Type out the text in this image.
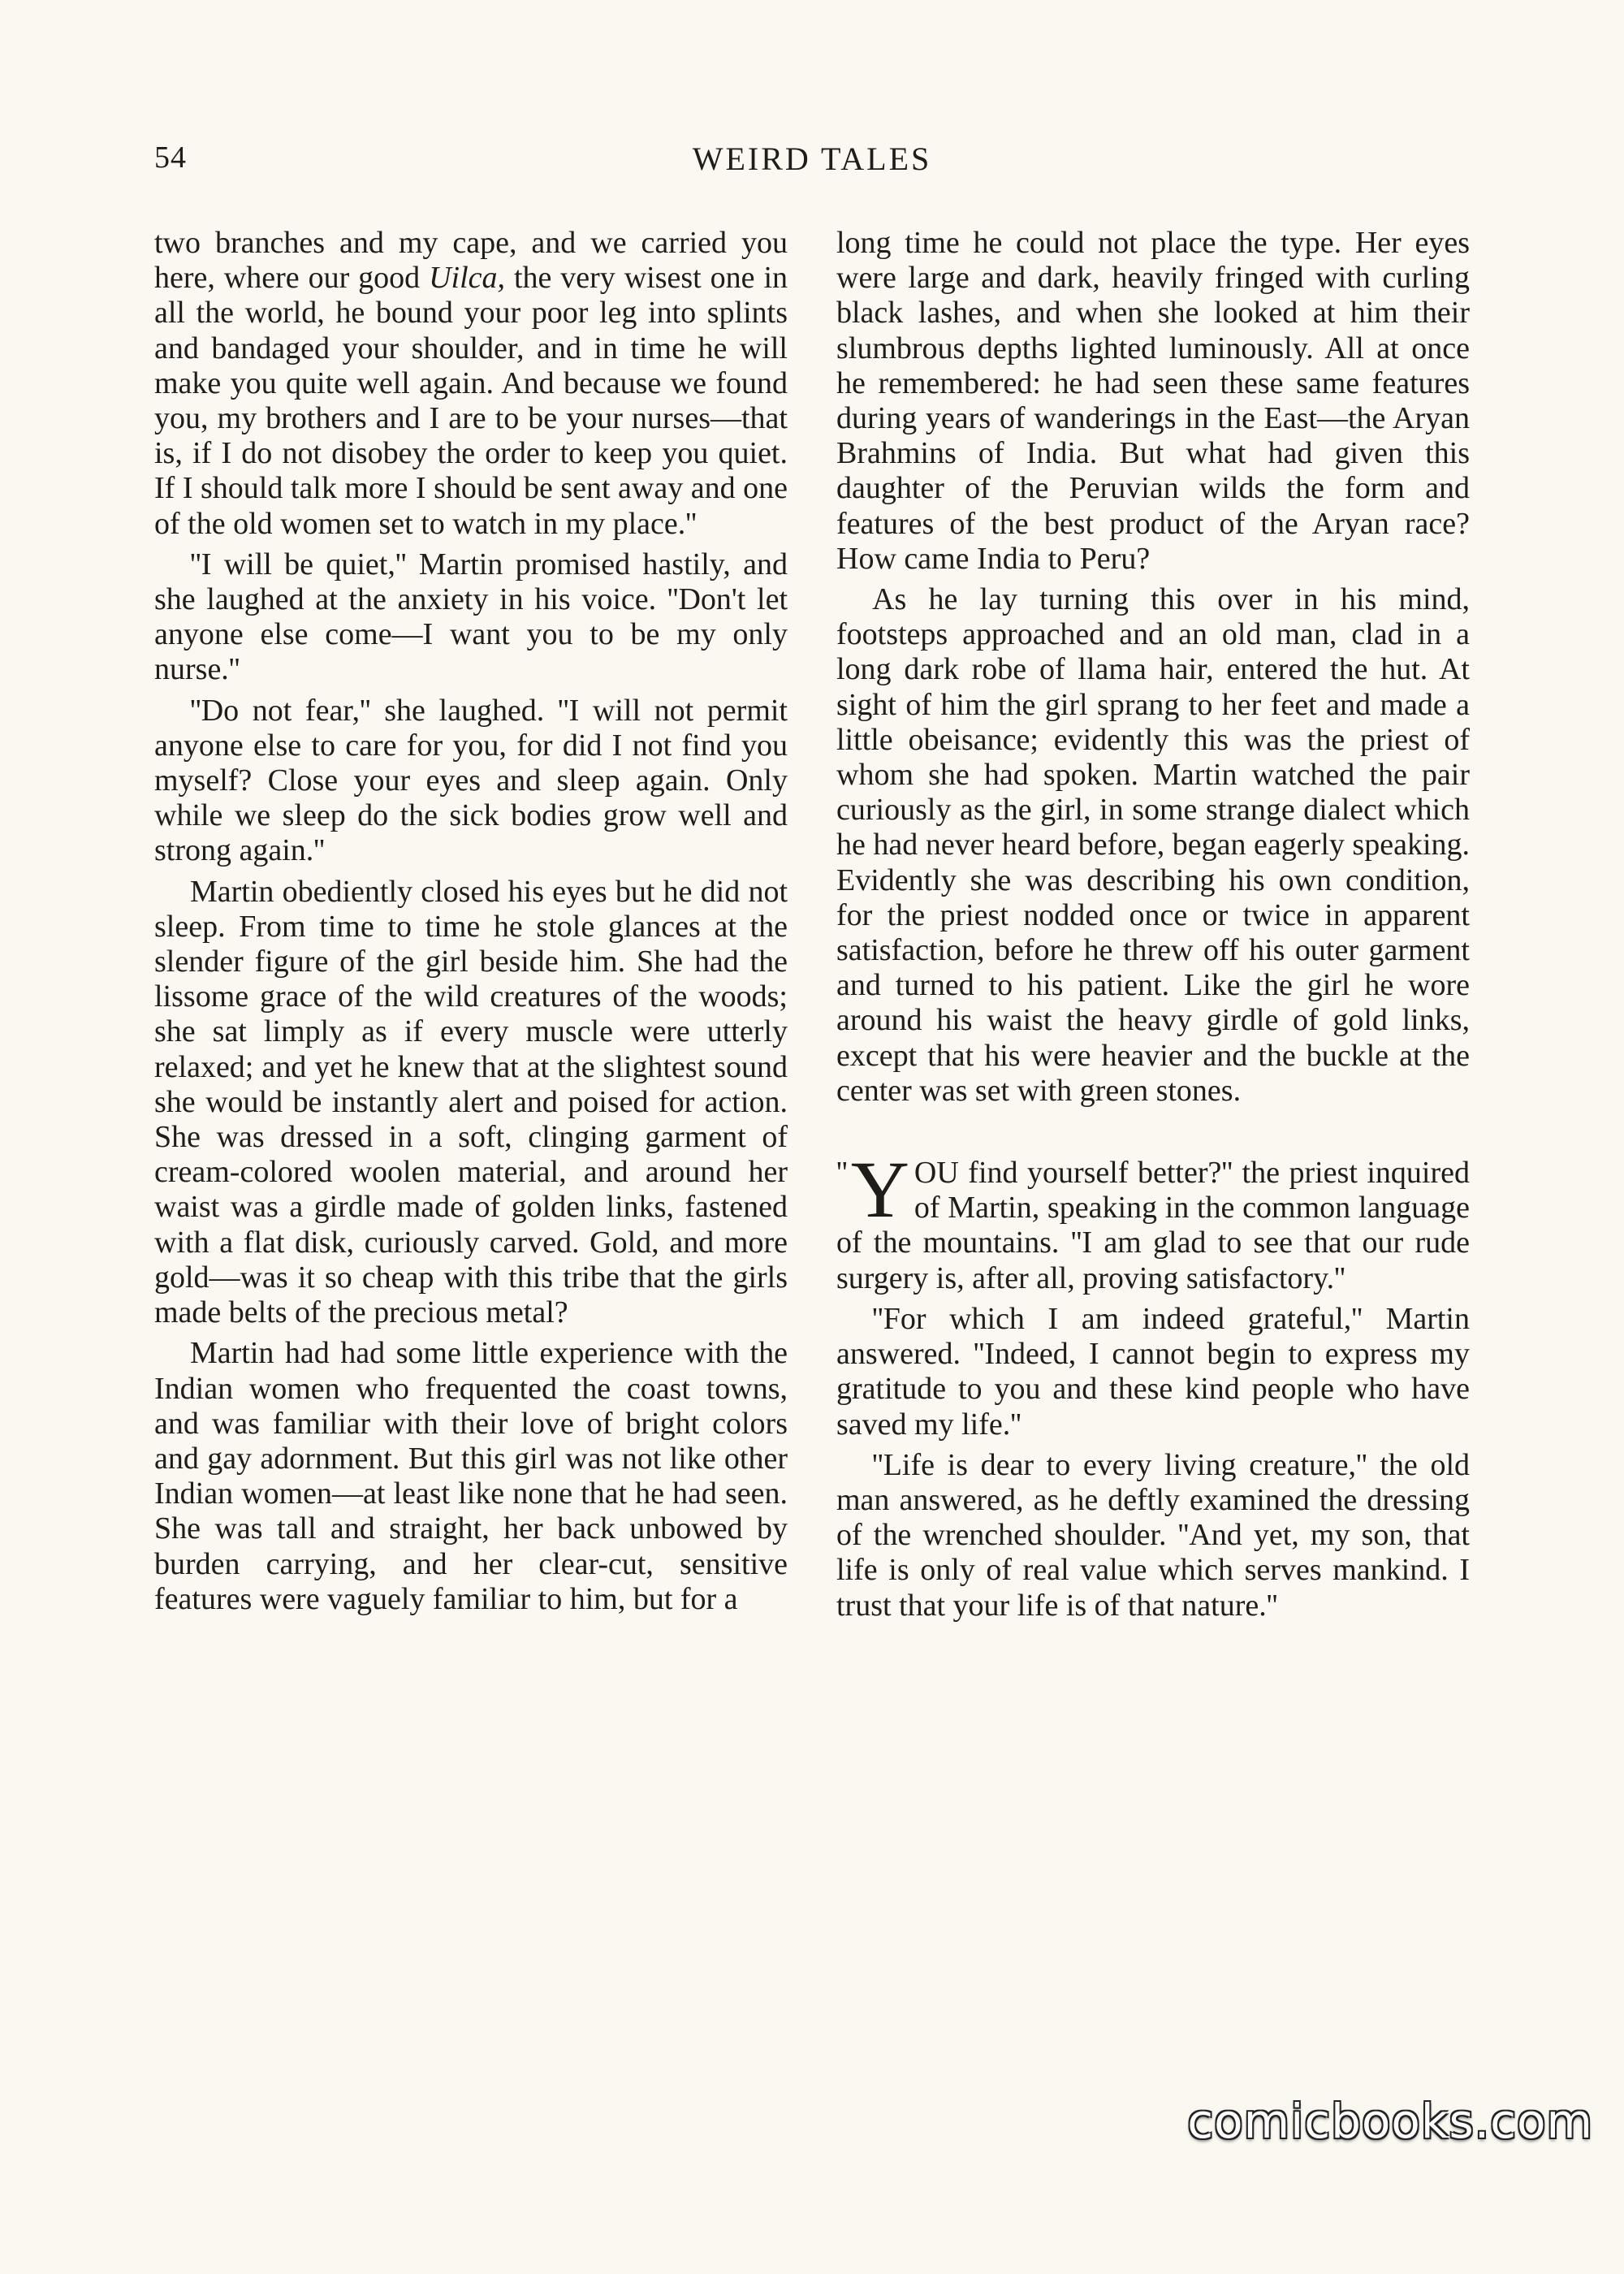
54	WEIRD TALES

two branches and my cape, and we carried you here, where our good Uilca, the very wisest one in all the world, he bound your poor leg into splints and bandaged your shoulder, and in time he will make you quite well again. And because we found you, my brothers and I are to be your nurses—that is, if I do not disobey the order to keep you quiet. If I should talk more I should be sent away and one of the old women set to watch in my place.''

''I will be quiet,'' Martin promised hastily, and she laughed at the anxiety in his voice. ''Don't let anyone else come—I want you to be my only nurse.''

''Do not fear,'' she laughed. ''I will not permit anyone else to care for you, for did I not find you myself? Close your eyes and sleep again. Only while we sleep do the sick bodies grow well and strong again.''

Martin obediently closed his eyes but he did not sleep. From time to time he stole glances at the slender figure of the girl beside him. She had the lissome grace of the wild creatures of the woods; she sat limply as if every muscle were utterly relaxed; and yet he knew that at the slightest sound she would be instantly alert and poised for action. She was dressed in a soft, clinging garment of cream-colored woolen material, and around her waist was a girdle made of golden links, fastened with a flat disk, curiously carved. Gold, and more gold—was it so cheap with this tribe that the girls made belts of the precious metal?

Martin had had some little experience with the Indian women who frequented the coast towns, and was familiar with their love of bright colors and gay adornment. But this girl was not like other Indian women—at least like none that he had seen. She was tall and straight, her back unbowed by burden carrying, and her clear-cut, sensitive features were vaguely familiar to him, but for a

long time he could not place the type. Her eyes were large and dark, heavily fringed with curling black lashes, and when she looked at him their slumbrous depths lighted luminously. All at once he remembered: he had seen these same features during years of wanderings in the East—the Aryan Brahmins of India. But what had given this daughter of the Peruvian wilds the form and features of the best product of the Aryan race? How came India to Peru?

As he lay turning this over in his mind, footsteps approached and an old man, clad in a long dark robe of llama hair, entered the hut. At sight of him the girl sprang to her feet and made a little obeisance; evidently this was the priest of whom she had spoken. Martin watched the pair curiously as the girl, in some strange dialect which he had never heard before, began eagerly speaking. Evidently she was describing his own condition, for the priest nodded once or twice in apparent satisfaction, before he threw off his outer garment and turned to his patient. Like the girl he wore around his waist the heavy girdle of gold links, except that his were heavier and the buckle at the center was set with green stones.

'' Y OU find yourself better?'' the priest inquired of Martin, speaking in the common language of the mountains. ''I am glad to see that our rude surgery is, after all, proving satisfactory.''

''For which I am indeed grateful,'' Martin answered. ''Indeed, I cannot begin to express my gratitude to you and these kind people who have saved my life.''

''Life is dear to every living creature,'' the old man answered, as he deftly examined the dressing of the wrenched shoulder. ''And yet, my son, that life is only of real value which serves mankind. I trust that your life is of that nature.''

comicbooks.com
